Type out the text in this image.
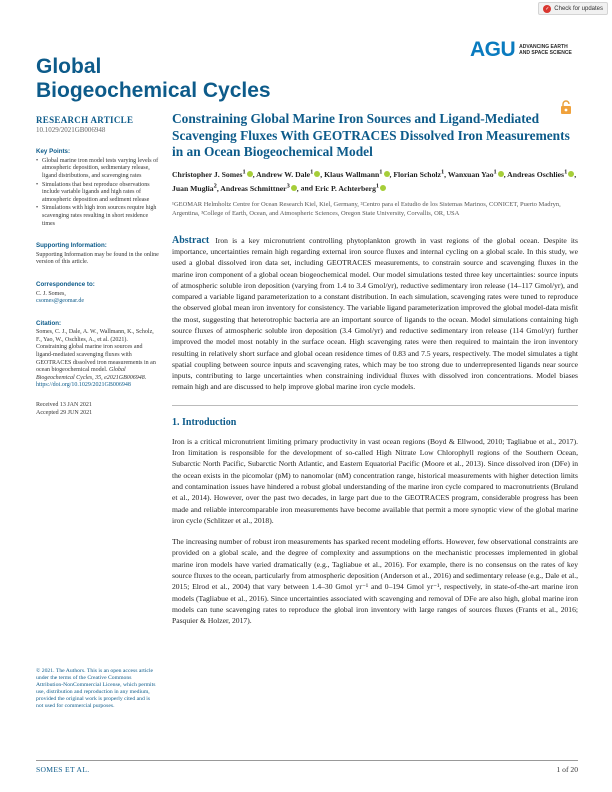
✓ Check for updates
Global
Biogeochemical Cycles
AGU ADVANCING EARTH AND SPACE SCIENCE
RESEARCH ARTICLE
10.1029/2021GB006948
Key Points:
• Global marine iron model tests varying levels of atmospheric deposition, sedimentary release, ligand distributions, and scavenging rates
• Simulations that best reproduce observations include variable ligands and high rates of atmospheric deposition and sediment release
• Simulations with high iron sources require high scavenging rates resulting in short residence times
Supporting Information:
Supporting Information may be found in the online version of this article.
Correspondence to:
C. J. Somes,
csomes@geomar.de
Citation:
Somes, C. J., Dale, A. W., Wallmann, K., Scholz, F., Yao, W., Oschlies, A., et al. (2021). Constraining global marine iron sources and ligand-mediated scavenging fluxes with GEOTRACES dissolved iron measurements in an ocean biogeochemical model. Global Biogeochemical Cycles, 35, e2021GB006948. https://doi.org/10.1029/2021GB006948
Received 13 JAN 2021
Accepted 29 JUN 2021
© 2021. The Authors. This is an open access article under the terms of the Creative Commons Attribution-NonCommercial License, which permits use, distribution and reproduction in any medium, provided the original work is properly cited and is not used for commercial purposes.
Constraining Global Marine Iron Sources and Ligand-Mediated Scavenging Fluxes With GEOTRACES Dissolved Iron Measurements in an Ocean Biogeochemical Model
Christopher J. Somes$^1$ , Andrew W. Dale$^1$ , Klaus Wallmann$^1$ , Florian Scholz$^1$, Wanxuan Yao$^1$ , Andreas Oschlies$^1$ , Juan Muglia$^2$, Andreas Schmittner$^3$ , and Eric P. Achterberg$^1$
¹GEOMAR Helmholtz Centre for Ocean Research Kiel, Kiel, Germany, ²Centro para el Estudio de los Sistemas Marinos, CONICET, Puerto Madryn, Argentina, ³College of Earth, Ocean, and Atmospheric Sciences, Oregon State University, Corvallis, OR, USA
Abstract Iron is a key micronutrient controlling phytoplankton growth in vast regions of the global ocean. Despite its importance, uncertainties remain high regarding external iron source fluxes and internal cycling on a global scale. In this study, we used a global dissolved iron data set, including GEOTRACES measurements, to constrain source and scavenging fluxes in the marine iron component of a global ocean biogeochemical model. Our model simulations tested three key uncertainties: source inputs of atmospheric soluble iron deposition (varying from 1.4 to 3.4 Gmol/yr), reductive sedimentary iron release (14–117 Gmol/yr), and compared a variable ligand parameterization to a constant distribution. In each simulation, scavenging rates were tuned to reproduce the observed global mean iron inventory for consistency. The variable ligand parameterization improved the global model-data misfit the most, suggesting that heterotrophic bacteria are an important source of ligands to the ocean. Model simulations containing high source fluxes of atmospheric soluble iron deposition (3.4 Gmol/yr) and reductive sedimentary iron release (114 Gmol/yr) further improved the model most notably in the surface ocean. High scavenging rates were then required to maintain the iron inventory resulting in relatively short surface and global ocean residence times of 0.83 and 7.5 years, respectively. The model simulates a tight spatial coupling between source inputs and scavenging rates, which may be too strong due to underrepresented ligands near source inputs, contributing to large uncertainties when constraining individual fluxes with dissolved iron concentrations. Model biases remain high and are discussed to help improve global marine iron cycle models.
1. Introduction

Iron is a critical micronutrient limiting primary productivity in vast ocean regions (Boyd & Ellwood, 2010; Tagliabue et al., 2017). Iron limitation is responsible for the development of so-called High Nitrate Low Chlorophyll regions of the Southern Ocean, Subarctic North Pacific, Subarctic North Atlantic, and Eastern Equatorial Pacific (Moore et al., 2013). Since dissolved iron (DFe) in the ocean exists in the picomolar (pM) to nanomolar (nM) concentration range, historical measurements with higher detection limits and contamination issues have hindered a robust global understanding of the marine iron cycle compared to macronutrients (Bruland et al., 2014). However, over the past two decades, in large part due to the GEOTRACES program, considerable progress has been made and reliable intercomparable iron measurements have become available that permit a more synoptic view of the global marine iron cycle (Schlitzer et al., 2018).

The increasing number of robust iron measurements has sparked recent modeling efforts. However, few observational constraints are provided on a global scale, and the degree of complexity and assumptions on the mechanistic processes implemented in global marine iron models have varied dramatically (e.g., Tagliabue et al., 2016). For example, there is no consensus on the rates of key source fluxes to the ocean, particularly from atmospheric deposition (Anderson et al., 2016) and sedimentary release (e.g., Dale et al., 2015; Elrod et al., 2004) that vary between 1.4–30 Gmol yr⁻¹ and 0–194 Gmol yr⁻¹, respectively, in state-of-the-art marine iron models (Tagliabue et al., 2016). Since uncertainties associated with scavenging and removal of DFe are also high, global marine iron models can tune scavenging rates to reproduce the global iron inventory with large ranges of sources fluxes (Frants et al., 2016; Pasquier & Holzer, 2017).

SOMES ET AL.	1 of 20
